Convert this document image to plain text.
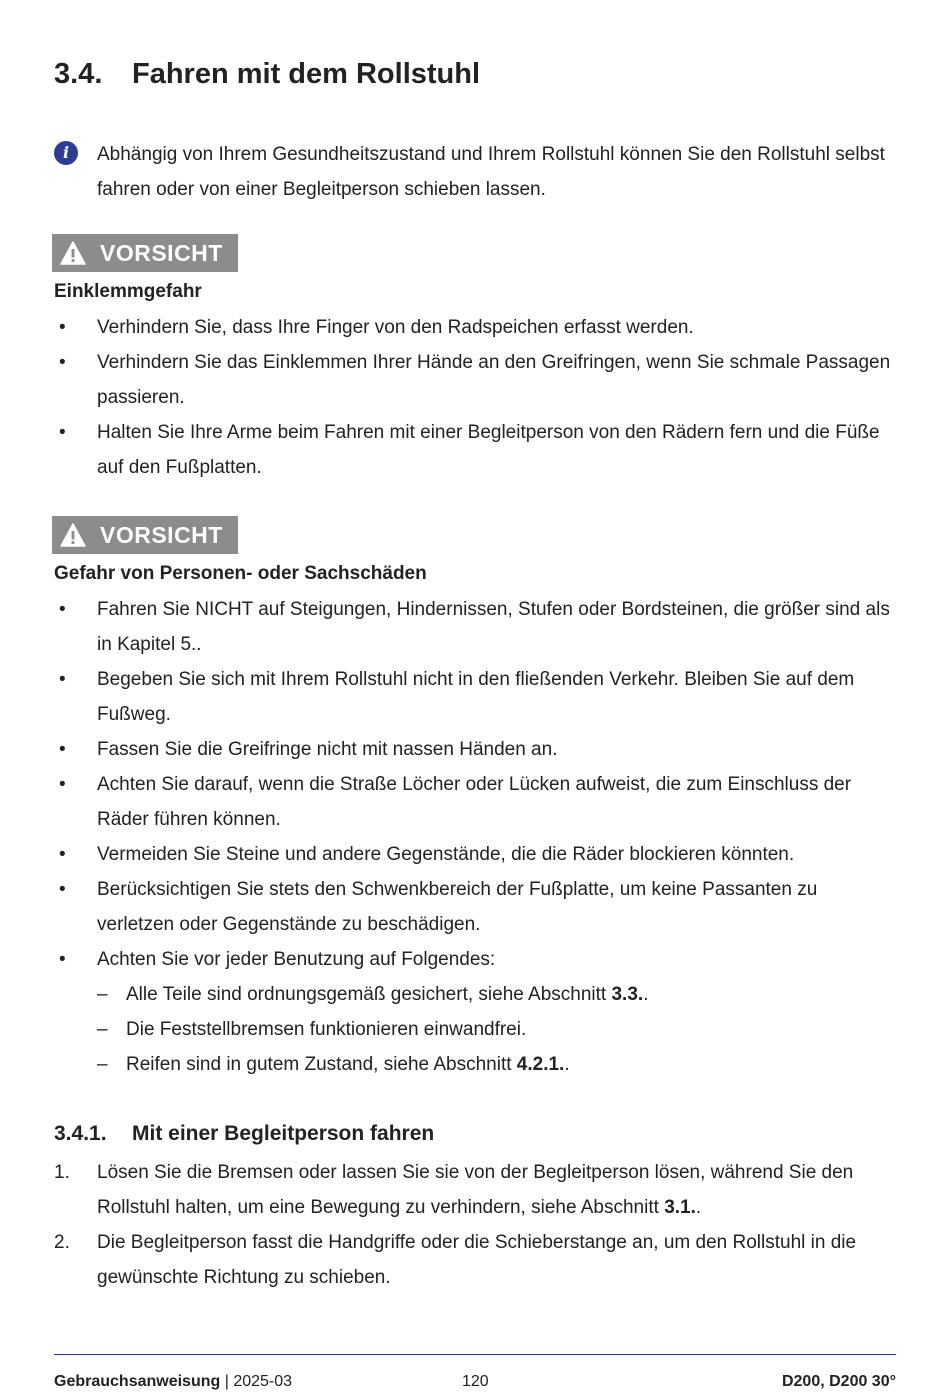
3.4. Fahren mit dem Rollstuhl
i	Abhängig von Ihrem Gesundheitszustand und Ihrem Rollstuhl können Sie den Rollstuhl selbst fahren oder von einer Begleitperson schieben lassen.
VORSICHT
Einklemmgefahr
• Verhindern Sie, dass Ihre Finger von den Radspeichen erfasst werden.
• Verhindern Sie das Einklemmen Ihrer Hände an den Greifringen, wenn Sie schmale Passagen passieren.
• Halten Sie Ihre Arme beim Fahren mit einer Begleitperson von den Rädern fern und die Füße auf den Fußplatten.
VORSICHT
Gefahr von Personen- oder Sachschäden
• Fahren Sie NICHT auf Steigungen, Hindernissen, Stufen oder Bordsteinen, die größer sind als in Kapitel 5..
• Begeben Sie sich mit Ihrem Rollstuhl nicht in den fließenden Verkehr. Bleiben Sie auf dem Fußweg.
• Fassen Sie die Greifringe nicht mit nassen Händen an.
• Achten Sie darauf, wenn die Straße Löcher oder Lücken aufweist, die zum Einschluss der Räder führen können.
• Vermeiden Sie Steine und andere Gegenstände, die die Räder blockieren könnten.
• Berücksichtigen Sie stets den Schwenkbereich der Fußplatte, um keine Passanten zu verletzen oder Gegenstände zu beschädigen.
• Achten Sie vor jeder Benutzung auf Folgendes:
– Alle Teile sind ordnungsgemäß gesichert, siehe Abschnitt 3.3..
– Die Feststellbremsen funktionieren einwandfrei.
– Reifen sind in gutem Zustand, siehe Abschnitt 4.2.1..
3.4.1. Mit einer Begleitperson fahren
1. Lösen Sie die Bremsen oder lassen Sie sie von der Begleitperson lösen, während Sie den Rollstuhl halten, um eine Bewegung zu verhindern, siehe Abschnitt 3.1..
2. Die Begleitperson fasst die Handgriffe oder die Schieberstange an, um den Rollstuhl in die gewünschte Richtung zu schieben.
Gebrauchsanweisung | 2025-03	120	D200, D200 30°
